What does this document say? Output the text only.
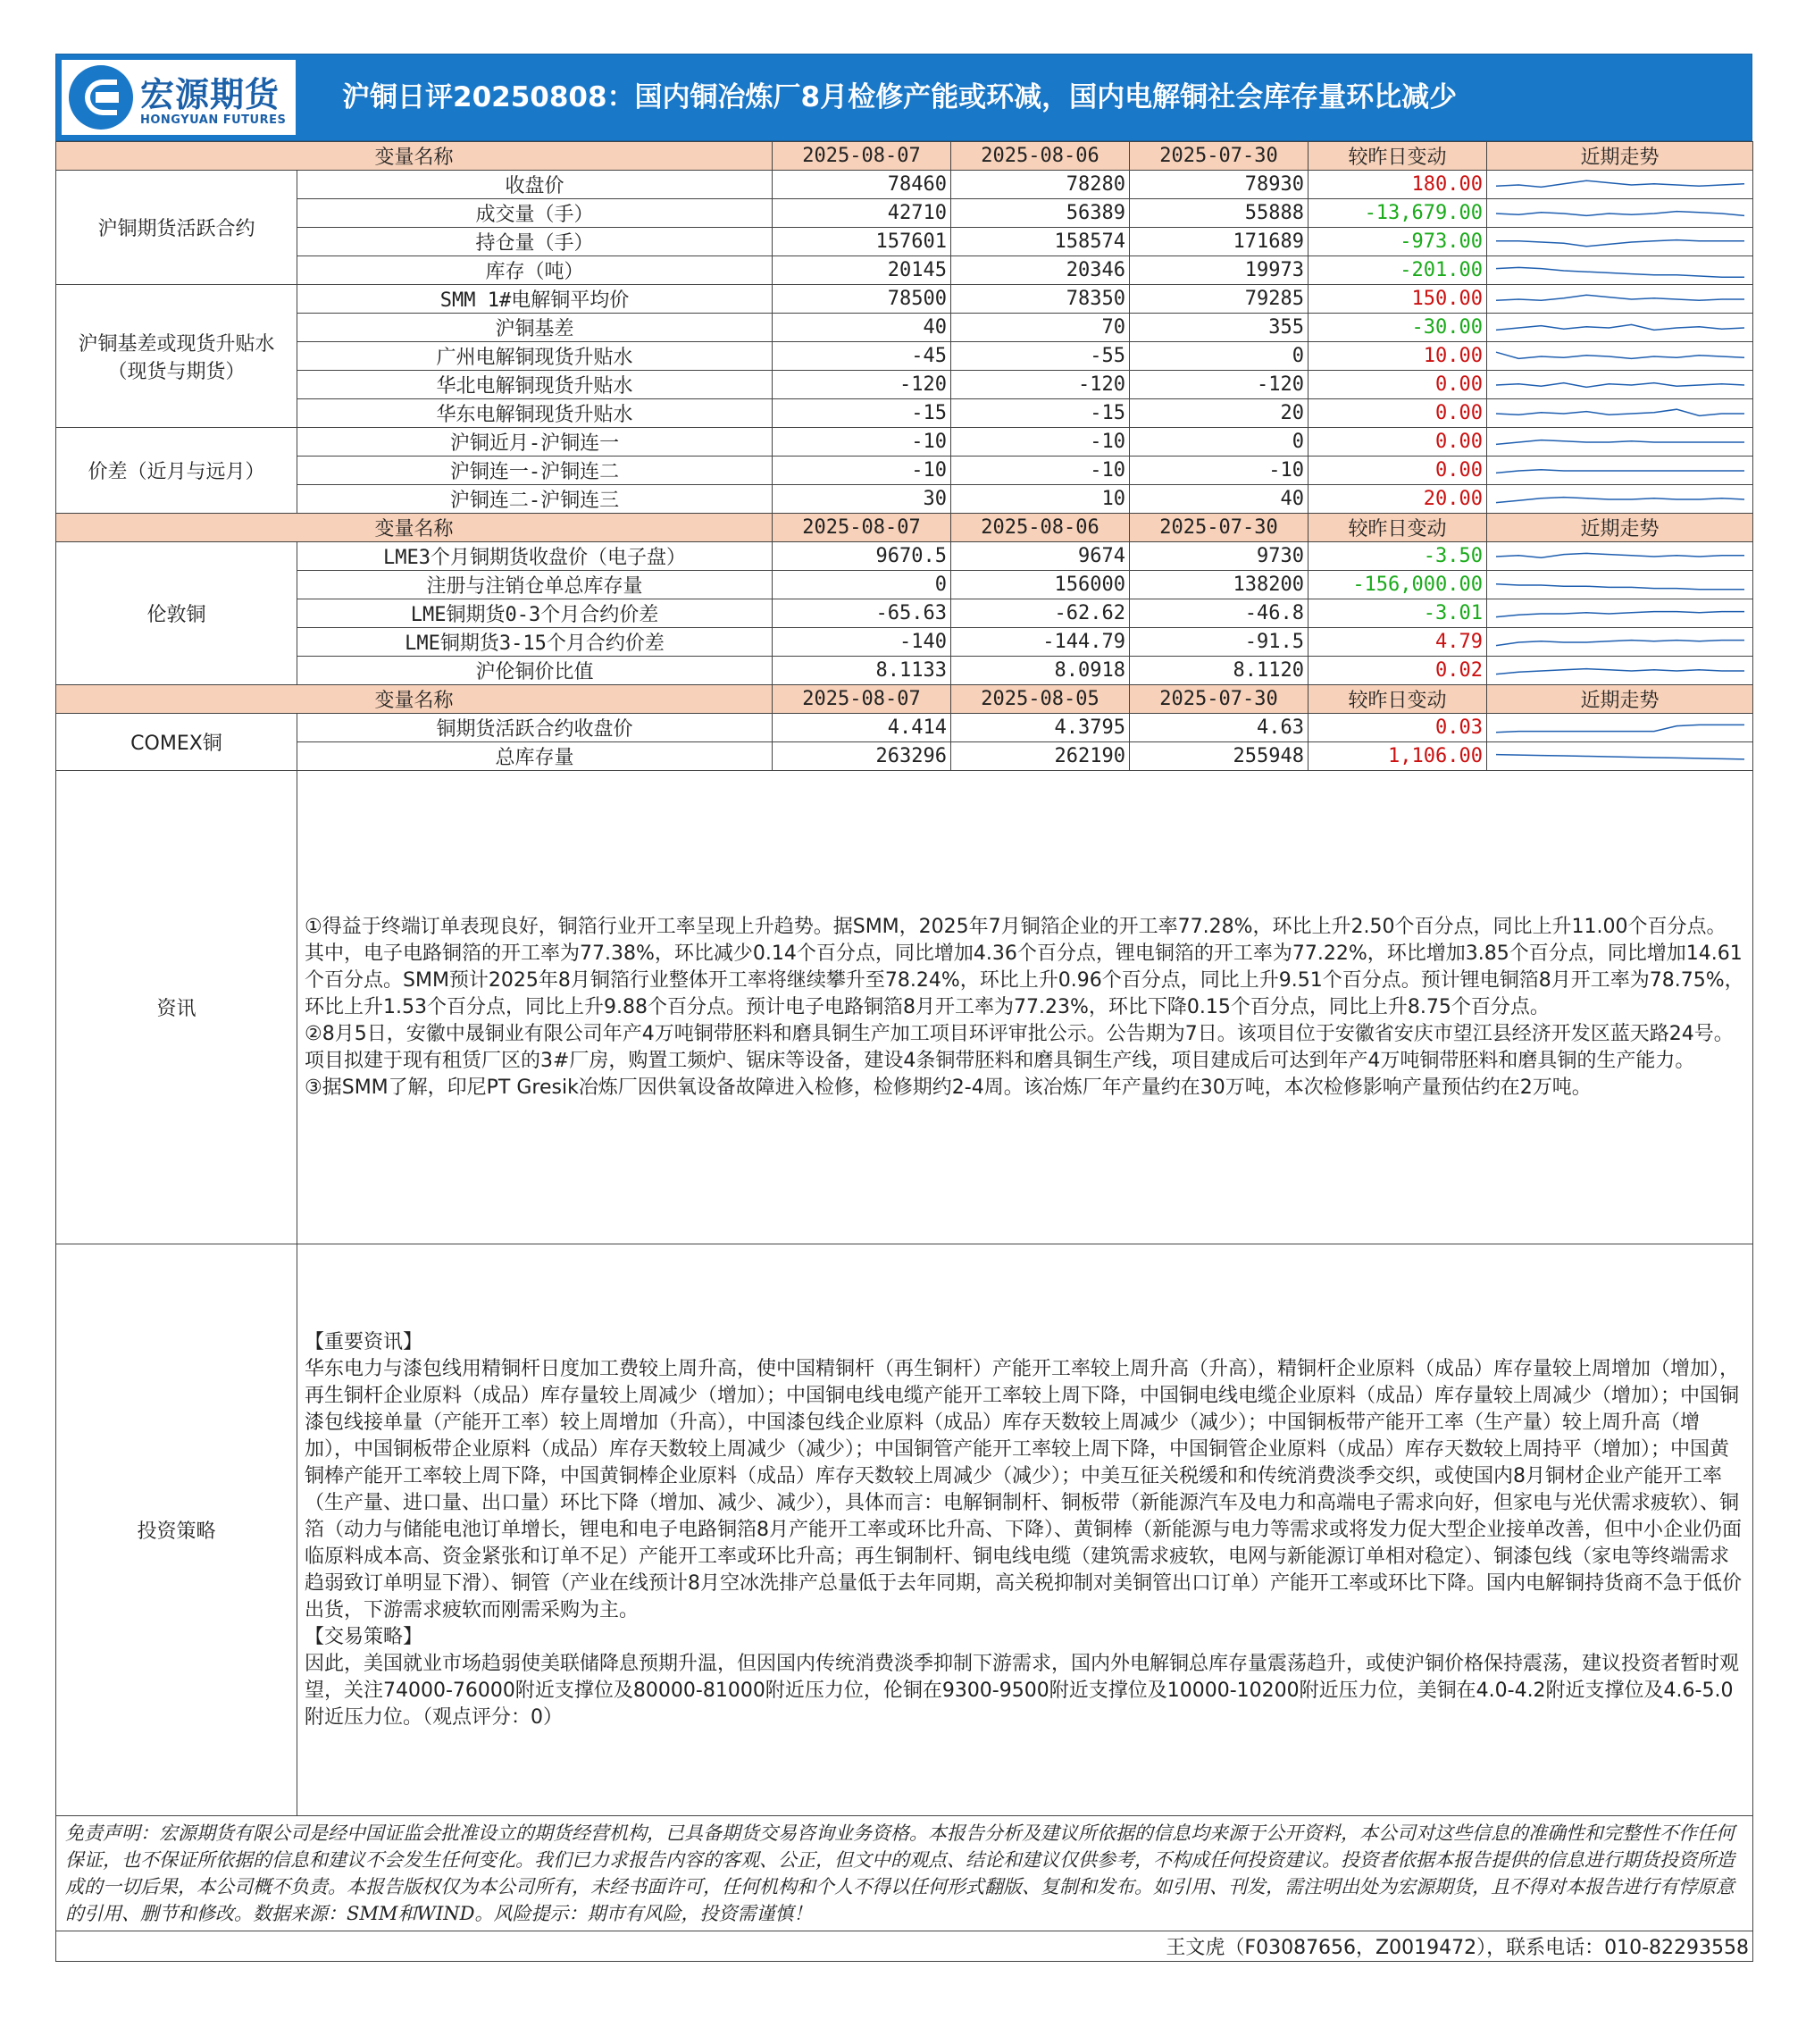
宏源期货
HONGYUAN FUTURES
沪铜日评20250808：国内铜冶炼厂8月检修产能或环减，国内电解铜社会库存量环比减少
变量名称		2025-08-07	2025-08-06	2025-07-30	较昨日变动	近期走势
沪铜期货活跃合约	收盘价	78460	78280	78930	180.00	

	成交量（手）	42710	56389	55888	-13,679.00	

	持仓量（手）	157601	158574	171689	-973.00	

	库存（吨）	20145	20346	19973	-201.00	

沪铜基差或现货升贴水（现货与期货）	SMM 1#电解铜平均价	78500	78350	79285	150.00	

	沪铜基差	40	70	355	-30.00	

	广州电解铜现货升贴水	-45	-55	0	10.00	

	华北电解铜现货升贴水	-120	-120	-120	0.00	

	华东电解铜现货升贴水	-15	-15	20	0.00	

价差（近月与远月）	沪铜近月-沪铜连一	-10	-10	0	0.00	

	沪铜连一-沪铜连二	-10	-10	-10	0.00	

	沪铜连二-沪铜连三	30	10	40	20.00	

变量名称		2025-08-07	2025-08-06	2025-07-30	较昨日变动	近期走势
伦敦铜	LME3个月铜期货收盘价（电子盘）	9670.5	9674	9730	-3.50	

	注册与注销仓单总库存量	0	156000	138200	-156,000.00	

	LME铜期货0-3个月合约价差	-65.63	-62.62	-46.8	-3.01	

	LME铜期货3-15个月合约价差	-140	-144.79	-91.5	4.79	

	沪伦铜价比值	8.1133	8.0918	8.1120	0.02	

变量名称		2025-08-07	2025-08-05	2025-07-30	较昨日变动	近期走势
COMEX铜	铜期货活跃合约收盘价	4.414	4.3795	4.63	0.03	

	总库存量	263296	262190	255948	1,106.00	

资讯	①得益于终端订单表现良好，铜箔行业开工率呈现上升趋势。据SMM，2025年7月铜箔企业的开工率77.28%，环比上升2.50个百分点，同比上升11.00个百分点。其中，电子电路铜箔的开工率为77.38%，环比减少0.14个百分点，同比增加4.36个百分点，锂电铜箔的开工率为77.22%，环比增加3.85个百分点，同比增加14.61个百分点。SMM预计2025年8月铜箔行业整体开工率将继续攀升至78.24%，环比上升0.96个百分点，同比上升9.51个百分点。预计锂电铜箔8月开工率为78.75%，环比上升1.53个百分点，同比上升9.88个百分点。预计电子电路铜箔8月开工率为77.23%，环比下降0.15个百分点，同比上升8.75个百分点。

②8月5日，安徽中晟铜业有限公司年产4万吨铜带胚料和磨具铜生产加工项目环评审批公示。公告期为7日。该项目位于安徽省安庆市望江县经济开发区蓝天路24号。项目拟建于现有租赁厂区的3#厂房，购置工频炉、锯床等设备，建设4条铜带胚料和磨具铜生产线，项目建成后可达到年产4万吨铜带胚料和磨具铜的生产能力。

③据SMM了解，印尼PT Gresik冶炼厂因供氧设备故障进入检修，检修期约2-4周。该冶炼厂年产量约在30万吨，本次检修影响产量预估约在2万吨。					

投资策略	【重要资讯】

华东电力与漆包线用精铜杆日度加工费较上周升高，使中国精铜杆（再生铜杆）产能开工率较上周升高（升高），精铜杆企业原料（成品）库存量较上周增加（增加），再生铜杆企业原料（成品）库存量较上周减少（增加）；中国铜电线电缆产能开工率较上周下降，中国铜电线电缆企业原料（成品）库存量较上周减少（增加）；中国铜漆包线接单量（产能开工率）较上周增加（升高），中国漆包线企业原料（成品）库存天数较上周减少（减少）；中国铜板带产能开工率（生产量）较上周升高（增加），中国铜板带企业原料（成品）库存天数较上周减少（减少）；中国铜管产能开工率较上周下降，中国铜管企业原料（成品）库存天数较上周持平（增加）；中国黄铜棒产能开工率较上周下降，中国黄铜棒企业原料（成品）库存天数较上周减少（减少）；中美互征关税缓和和传统消费淡季交织，或使国内8月铜材企业产能开工率（生产量、进口量、出口量）环比下降（增加、减少、减少），具体而言：电解铜制杆、铜板带（新能源汽车及电力和高端电子需求向好，但家电与光伏需求疲软）、铜箔（动力与储能电池订单增长，锂电和电子电路铜箔8月产能开工率或环比升高、下降）、黄铜棒（新能源与电力等需求或将发力促大型企业接单改善，但中小企业仍面临原料成本高、资金紧张和订单不足）产能开工率或环比升高；再生铜制杆、铜电线电缆（建筑需求疲软，电网与新能源订单相对稳定）、铜漆包线（家电等终端需求趋弱致订单明显下滑）、铜管（产业在线预计8月空冰洗排产总量低于去年同期，高关税抑制对美铜管出口订单）产能开工率或环比下降。国内电解铜持货商不急于低价出货，下游需求疲软而刚需采购为主。

【交易策略】

因此，美国就业市场趋弱使美联储降息预期升温，但因国内传统消费淡季抑制下游需求，国内外电解铜总库存量震荡趋升，或使沪铜价格保持震荡，建议投资者暂时观望，关注74000-76000附近支撑位及80000-81000附近压力位，伦铜在9300-9500附近支撑位及10000-10200附近压力位，美铜在4.0-4.2附近支撑位及4.6-5.0附近压力位。（观点评分：0）					

免责声明：宏源期货有限公司是经中国证监会批准设立的期货经营机构，已具备期货交易咨询业务资格。本报告分析及建议所依据的信息均来源于公开资料，本公司对这些信息的准确性和完整性不作任何保证，也不保证所依据的信息和建议不会发生任何变化。我们已力求报告内容的客观、公正，但文中的观点、结论和建议仅供参考，不构成任何投资建议。投资者依据本报告提供的信息进行期货投资所造成的一切后果，本公司概不负责。本报告版权仅为本公司所有，未经书面许可，任何机构和个人不得以任何形式翻版、复制和发布。如引用、刊发，需注明出处为宏源期货，且不得对本报告进行有悖原意的引用、删节和修改。数据来源：SMM和WIND。风险提示：期市有风险，投资需谨慎！						

王文虎（F03087656，Z0019472），联系电话：010-82293558						
